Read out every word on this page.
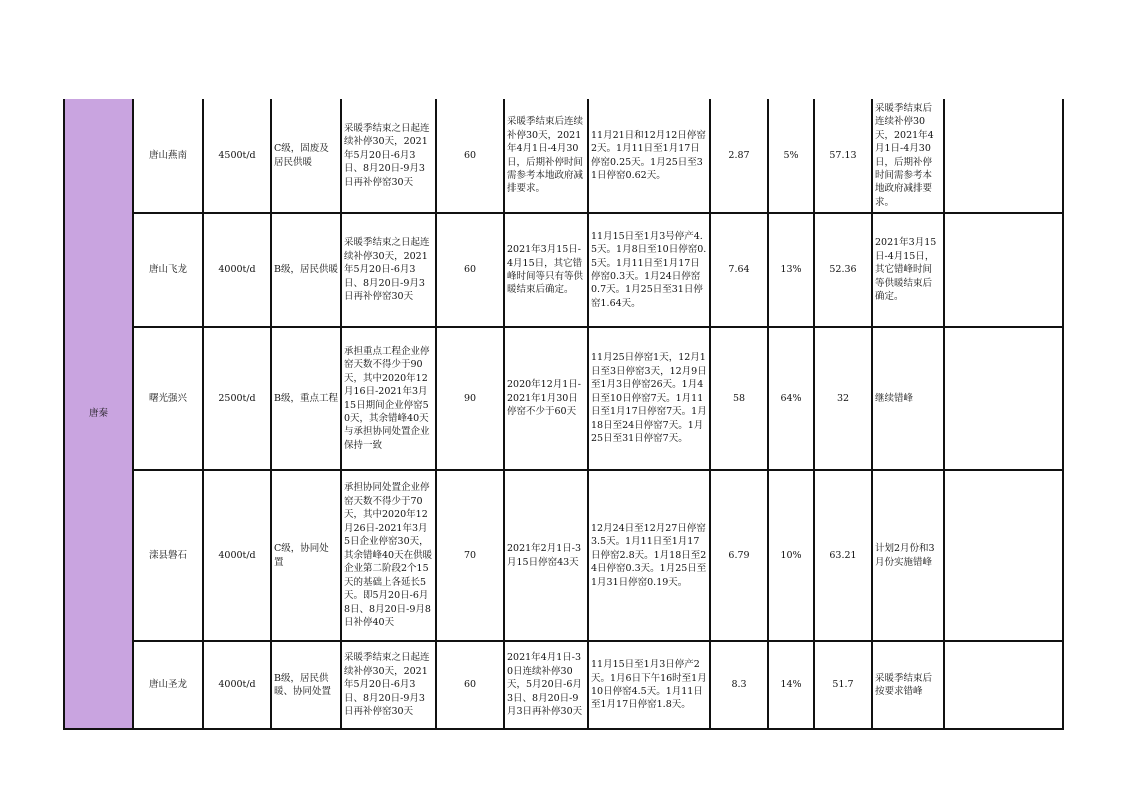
唐秦	唐山燕南	4500t/d	C级，固废及居民供暖	采暖季结束之日起连续补停30天，2021年5月20日-6月3日、8月20日-9月3日再补停窑30天	60	采暖季结束后连续补停30天，2021年4月1日-4月30日，后期补停时间需参考本地政府减排要求。	11月21日和12月12日停窑2天。1月11日至1月17日停窑0.25天。1月25日至31日停窑0.62天。	2.87	5%	57.13	采暖季结束后连续补停30天，2021年4月1日-4月30日，后期补停时间需参考本地政府减排要求。	
	唐山飞龙	4000t/d	B级，居民供暖	采暖季结束之日起连续补停30天，2021年5月20日-6月3日、8月20日-9月3日再补停窑30天	60	2021年3月15日-4月15日，其它错峰时间等只有等供暖结束后确定。	11月15日至1月3号停产4.5天。1月8日至10日停窑0.5天。1月11日至1月17日停窑0.3天。1月24日停窑0.7天。1月25日至31日停窑1.64天。	7.64	13%	52.36	2021年3月15日-4月15日，其它错峰时间等供暖结束后确定。	
	曙光强兴	2500t/d	B级，重点工程	承担重点工程企业停窑天数不得少于90天，其中2020年12月16日-2021年3月15日期间企业停窑50天，其余错峰40天与承担协同处置企业保持一致	90	2020年12月1日-2021年1月30日停窑不少于60天	11月25日停窑1天，12月1日至3日停窑3天，12月9日至1月3日停窑26天。1月4日至10日停窑7天。1月11日至1月17日停窑7天。1月18日至24日停窑7天。1月25日至31日停窑7天。	58	64%	32	继续错峰	
	滦县磐石	4000t/d	C级，协同处置	承担协同处置企业停窑天数不得少于70天，其中2020年12月26日-2021年3月5日企业停窑30天，其余错峰40天在供暖企业第二阶段2个15天的基础上各延长5天。即5月20日-6月8日、8月20日-9月8日补停40天	70	2021年2月1日-3月15日停窑43天	12月24日至12月27日停窑3.5天。1月11日至1月17日停窑2.8天。1月18日至24日停窑0.3天。1月25日至1月31日停窑0.19天。	6.79	10%	63.21	计划2月份和3月份实施错峰	
	唐山圣龙	4000t/d	B级，居民供暖、协同处置	采暖季结束之日起连续补停30天，2021年5月20日-6月3日、8月20日-9月3日再补停窑30天	60	2021年4月1日-30日连续补停30天，5月20日-6月3日、8月20日-9月3日再补停30天	11月15日至1月3日停产2天。1月6日下午16时至1月10日停窑4.5天。1月11日至1月17日停窑1.8天。	8.3	14%	51.7	采暖季结束后按要求错峰	
